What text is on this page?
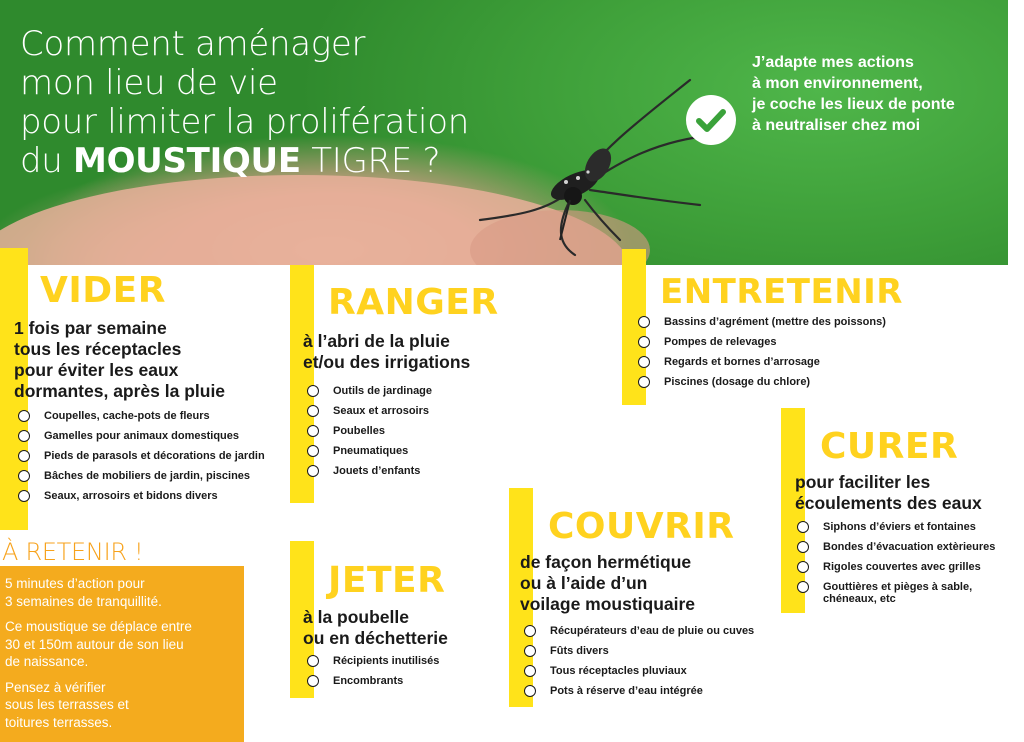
Comment aménager
mon lieu de vie
pour limiter la prolifération
du MOUSTIQUE TIGRE ?
J’adapte mes actions
à mon environnement,
je coche les lieux de ponte
à neutraliser chez moi
VIDER
1 fois par semaine
tous les réceptacles
pour éviter les eaux
dormantes, après la pluie
Coupelles, cache-pots de fleurs
Gamelles pour animaux domestiques
Pieds de parasols et décorations de jardin
Bâches de mobiliers de jardin, piscines
Seaux, arrosoirs et bidons divers
RANGER
à l’abri de la pluie
et/ou des irrigations
Outils de jardinage
Seaux et arrosoirs
Poubelles
Pneumatiques
Jouets d’enfants
ENTRETENIR
Bassins d’agrément (mettre des poissons)
Pompes de relevages
Regards et bornes d’arrosage
Piscines (dosage du chlore)
CURER
pour faciliter les
écoulements des eaux
Siphons d’éviers et fontaines
Bondes d’évacuation extèrieures
Rigoles couvertes avec grilles
Gouttières et pièges à sable,
chéneaux, etc
JETER
à la poubelle
ou en déchetterie
Récipients inutilisés
Encombrants
COUVRIR
de façon hermétique
ou à l’aide d’un
voilage moustiquaire
Récupérateurs d’eau de pluie ou cuves
Fûts divers
Tous réceptacles pluviaux
Pots à réserve d’eau intégrée
À RETENIR !

5 minutes d’action pour
3 semaines de tranquillité.

Ce moustique se déplace entre
30 et 150m autour de son lieu
de naissance.

Pensez à vérifier
sous les terrasses et
toitures terrasses.
